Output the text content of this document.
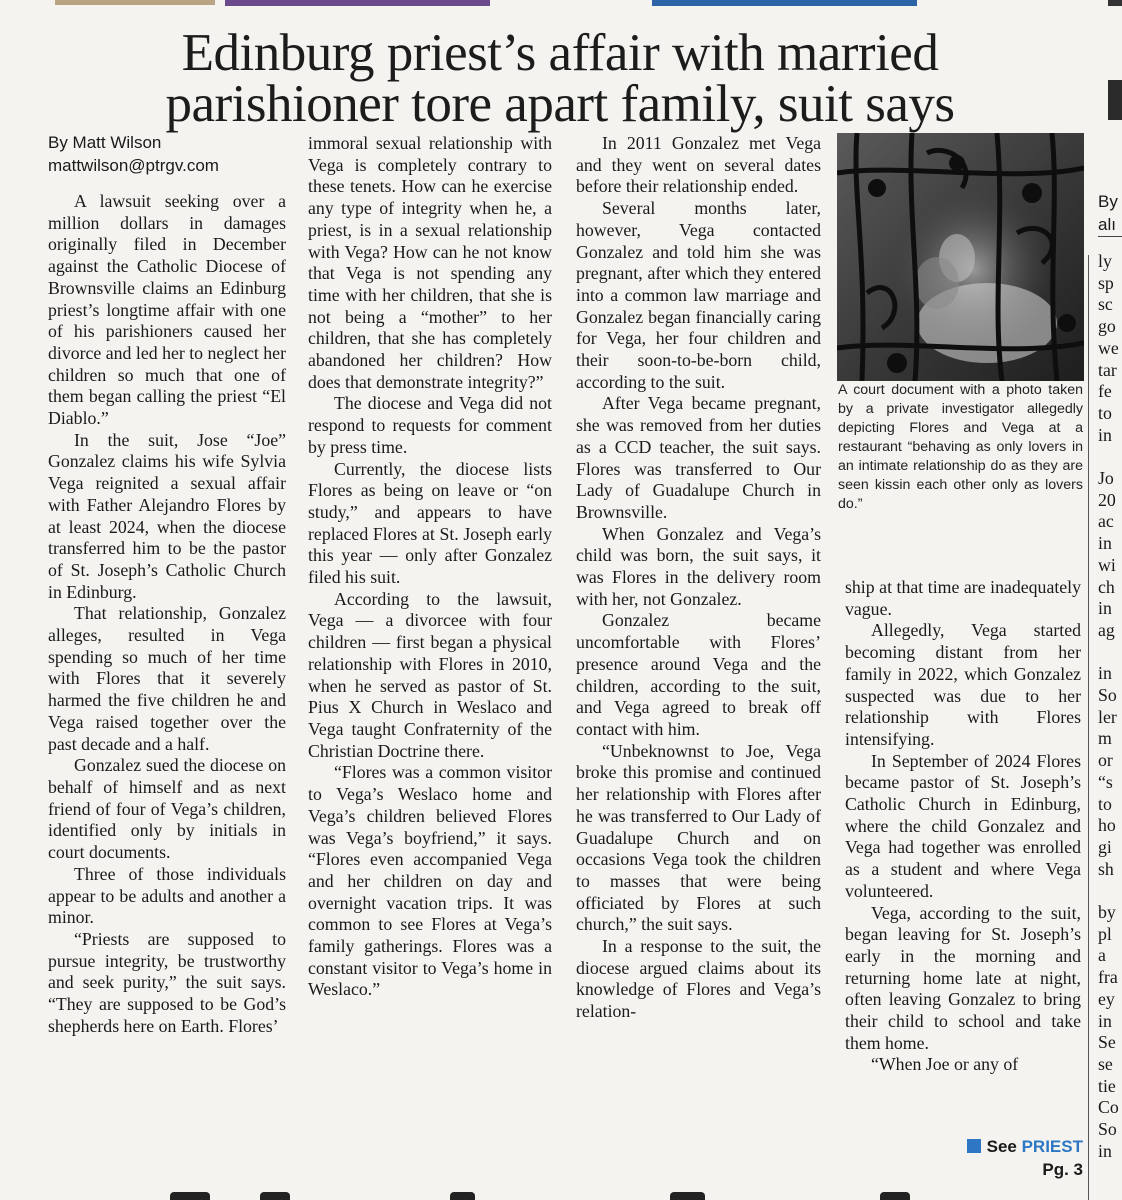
Edinburg priest’s affair with married
parishioner tore apart family, suit says
By Matt Wilson
mattwilson@ptrgv.com

A lawsuit seeking over a million dollars in damages originally filed in December against the Catholic Diocese of Brownsville claims an Edinburg priest’s longtime affair with one of his parishioners caused her divorce and led her to neglect her children so much that one of them began calling the priest “El Diablo.”

In the suit, Jose “Joe” Gonzalez claims his wife Sylvia Vega reignited a sexual affair with Father Alejandro Flores by at least 2024, when the diocese transferred him to be the pastor of St. Joseph’s Catholic Church in Edinburg.

That relationship, Gonzalez alleges, resulted in Vega spending so much of her time with Flores that it severely harmed the five children he and Vega raised together over the past decade and a half.

Gonzalez sued the diocese on behalf of himself and as next friend of four of Vega’s children, identified only by initials in court documents.

Three of those individuals appear to be adults and another a minor.

“Priests are supposed to pursue integrity, be trustworthy and seek purity,” the suit says. “They are supposed to be God’s shepherds here on Earth. Flores’

immoral sexual relationship with Vega is completely contrary to these tenets. How can he exercise any type of integrity when he, a priest, is in a sexual relationship with Vega? How can he not know that Vega is not spending any time with her children, that she is not being a “mother” to her children, that she has completely abandoned her children? How does that demonstrate integrity?”

The diocese and Vega did not respond to requests for comment by press time.

Currently, the diocese lists Flores as being on leave or “on study,” and appears to have replaced Flores at St. Joseph early this year — only after Gonzalez filed his suit.

According to the lawsuit, Vega — a divorcee with four children — first began a physical relationship with Flores in 2010, when he served as pastor of St. Pius X Church in Weslaco and Vega taught Confraternity of the Christian Doctrine there.

“Flores was a common visitor to Vega’s Weslaco home and Vega’s children believed Flores was Vega’s boyfriend,” it says. “Flores even accompanied Vega and her children on day and overnight vacation trips. It was common to see Flores at Vega’s family gatherings. Flores was a constant visitor to Vega’s home in Weslaco.”

In 2011 Gonzalez met Vega and they went on several dates before their relationship ended.

Several months later, however, Vega contacted Gonzalez and told him she was pregnant, after which they entered into a common law marriage and Gonzalez began financially caring for Vega, her four children and their soon-to-be-born child, according to the suit.

After Vega became pregnant, she was removed from her duties as a CCD teacher, the suit says. Flores was transferred to Our Lady of Guadalupe Church in Brownsville.

When Gonzalez and Vega’s child was born, the suit says, it was Flores in the delivery room with her, not Gonzalez.

Gonzalez became uncomfortable with Flores’ presence around Vega and the children, according to the suit, and Vega agreed to break off contact with him.

“Unbeknownst to Joe, Vega broke this promise and continued her relationship with Flores after he was transferred to Our Lady of Guadalupe Church and on occasions Vega took the children to masses that were being officiated by Flores at such church,” the suit says.

In a response to the suit, the diocese argued claims about its knowledge of Flores and Vega’s relation-

A court document with a photo taken by a private investigator allegedly depicting Flores and Vega at a restaurant “behaving as only lovers in an intimate relationship do as they are seen kissin each other only as lovers do.”

ship at that time are inadequately vague.

Allegedly, Vega started becoming distant from her family in 2022, which Gonzalez suspected was due to her relationship with Flores intensifying.

In September of 2024 Flores became pastor of St. Joseph’s Catholic Church in Edinburg, where the child Gonzalez and Vega had together was enrolled as a student and where Vega volunteered.

Vega, according to the suit, began leaving for St. Joseph’s early in the morning and returning home late at night, often leaving Gonzalez to bring their child to school and take them home.

“When Joe or any of

See PRIEST
Pg. 3
By
alı
ly
sp
sc
go
we
tar
fe
to
in
Jo
20
ac
in
wi
ch
in
ag
in
So
ler
m
or
“s
to
ho
gi
sh
by
pl
a
fra
ey
in
Se
se
tie
Co
So
in
